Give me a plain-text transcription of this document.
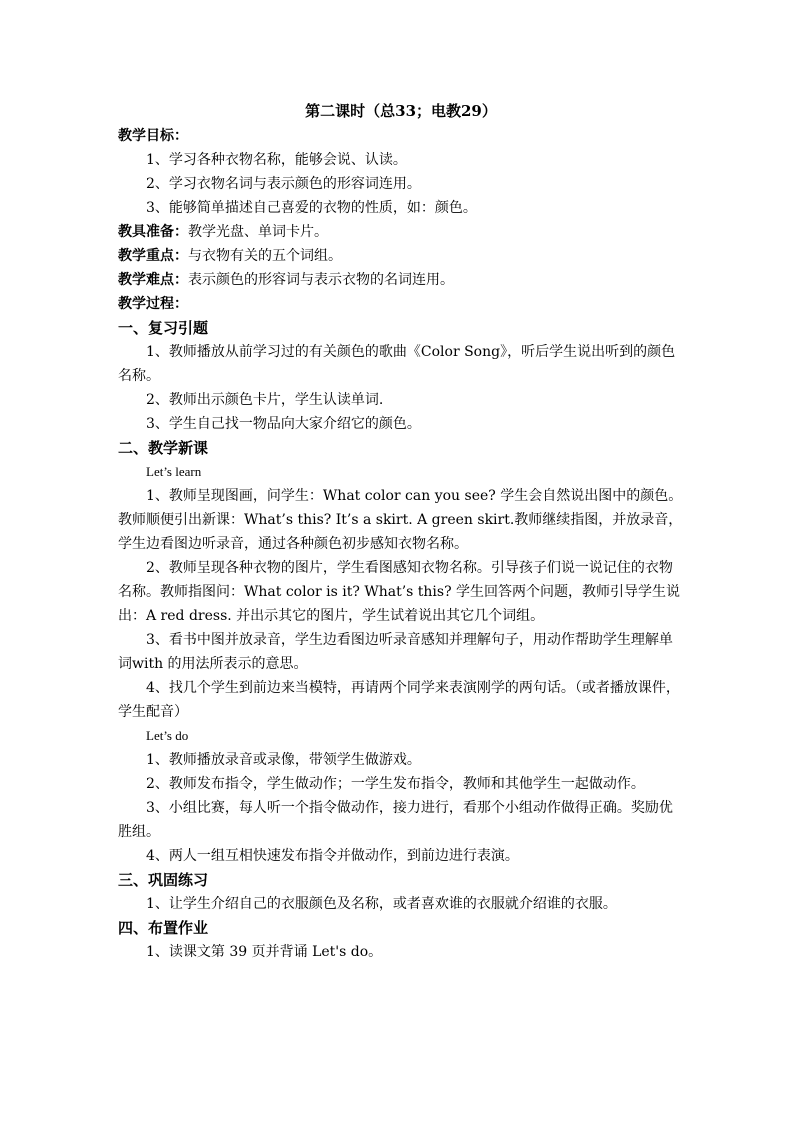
第二课时（总33；电教29）
教学目标：
1、学习各种衣物名称，能够会说、认读。
2、学习衣物名词与表示颜色的形容词连用。
3、能够简单描述自己喜爱的衣物的性质，如：颜色。
教具准备：教学光盘、单词卡片。
教学重点：与衣物有关的五个词组。
教学难点：表示颜色的形容词与表示衣物的名词连用。
教学过程：
一、复习引题
1、教师播放从前学习过的有关颜色的歌曲《Color Song》，听后学生说出听到的颜色名称。
2、教师出示颜色卡片，学生认读单词.
3、学生自己找一物品向大家介绍它的颜色。
二、教学新课
Let’s learn
1、教师呈现图画，问学生：What color can you see? 学生会自然说出图中的颜色。教师顺便引出新课：What’s this? It’s a skirt. A green skirt.教师继续指图，并放录音，学生边看图边听录音，通过各种颜色初步感知衣物名称。
2、教师呈现各种衣物的图片，学生看图感知衣物名称。引导孩子们说一说记住的衣物名称。教师指图问：What color is it? What’s this? 学生回答两个问题，教师引导学生说出：A red dress. 并出示其它的图片，学生试着说出其它几个词组。
3、看书中图并放录音，学生边看图边听录音感知并理解句子，用动作帮助学生理解单词with 的用法所表示的意思。
4、找几个学生到前边来当模特，再请两个同学来表演刚学的两句话。（或者播放课件，学生配音）
Let’s do
1、教师播放录音或录像，带领学生做游戏。
2、教师发布指令，学生做动作；一学生发布指令，教师和其他学生一起做动作。
3、小组比赛，每人听一个指令做动作，接力进行，看那个小组动作做得正确。奖励优胜组。
4、两人一组互相快速发布指令并做动作，到前边进行表演。
三、巩固练习
1、让学生介绍自己的衣服颜色及名称，或者喜欢谁的衣服就介绍谁的衣服。
四、布置作业
1、读课文第 39 页并背诵 Let's do。
